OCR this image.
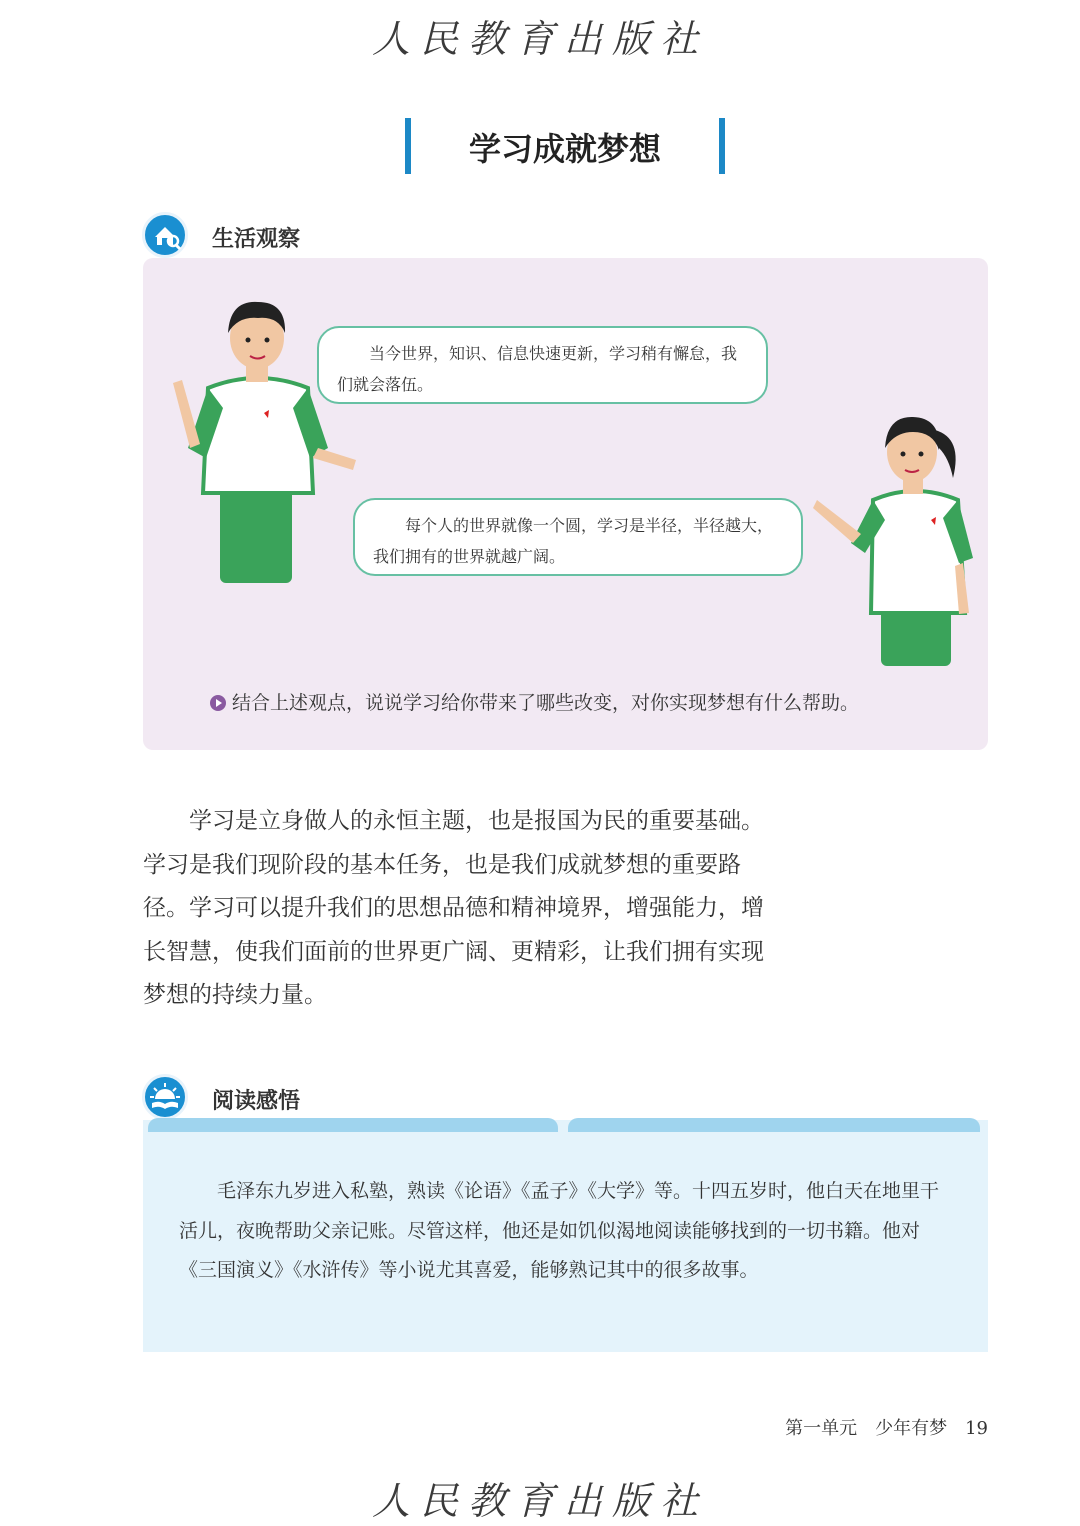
人民教育出版社
学习成就梦想
生活观察

当今世界，知识、信息快速更新，学习稍有懈怠，我们就会落伍。

每个人的世界就像一个圆，学习是半径，半径越大，我们拥有的世界就越广阔。

结合上述观点，说说学习给你带来了哪些改变，对你实现梦想有什么帮助。

学习是立身做人的永恒主题，也是报国为民的重要基础。学习是我们现阶段的基本任务，也是我们成就梦想的重要路径。学习可以提升我们的思想品德和精神境界，增强能力，增长智慧，使我们面前的世界更广阔、更精彩，让我们拥有实现梦想的持续力量。

阅读感悟

毛泽东九岁进入私塾，熟读《论语》《孟子》《大学》等。十四五岁时，他白天在地里干活儿，夜晚帮助父亲记账。尽管这样，他还是如饥似渴地阅读能够找到的一切书籍。他对《三国演义》《水浒传》等小说尤其喜爱，能够熟记其中的很多故事。

第一单元 少年有梦 19
人民教育出版社
